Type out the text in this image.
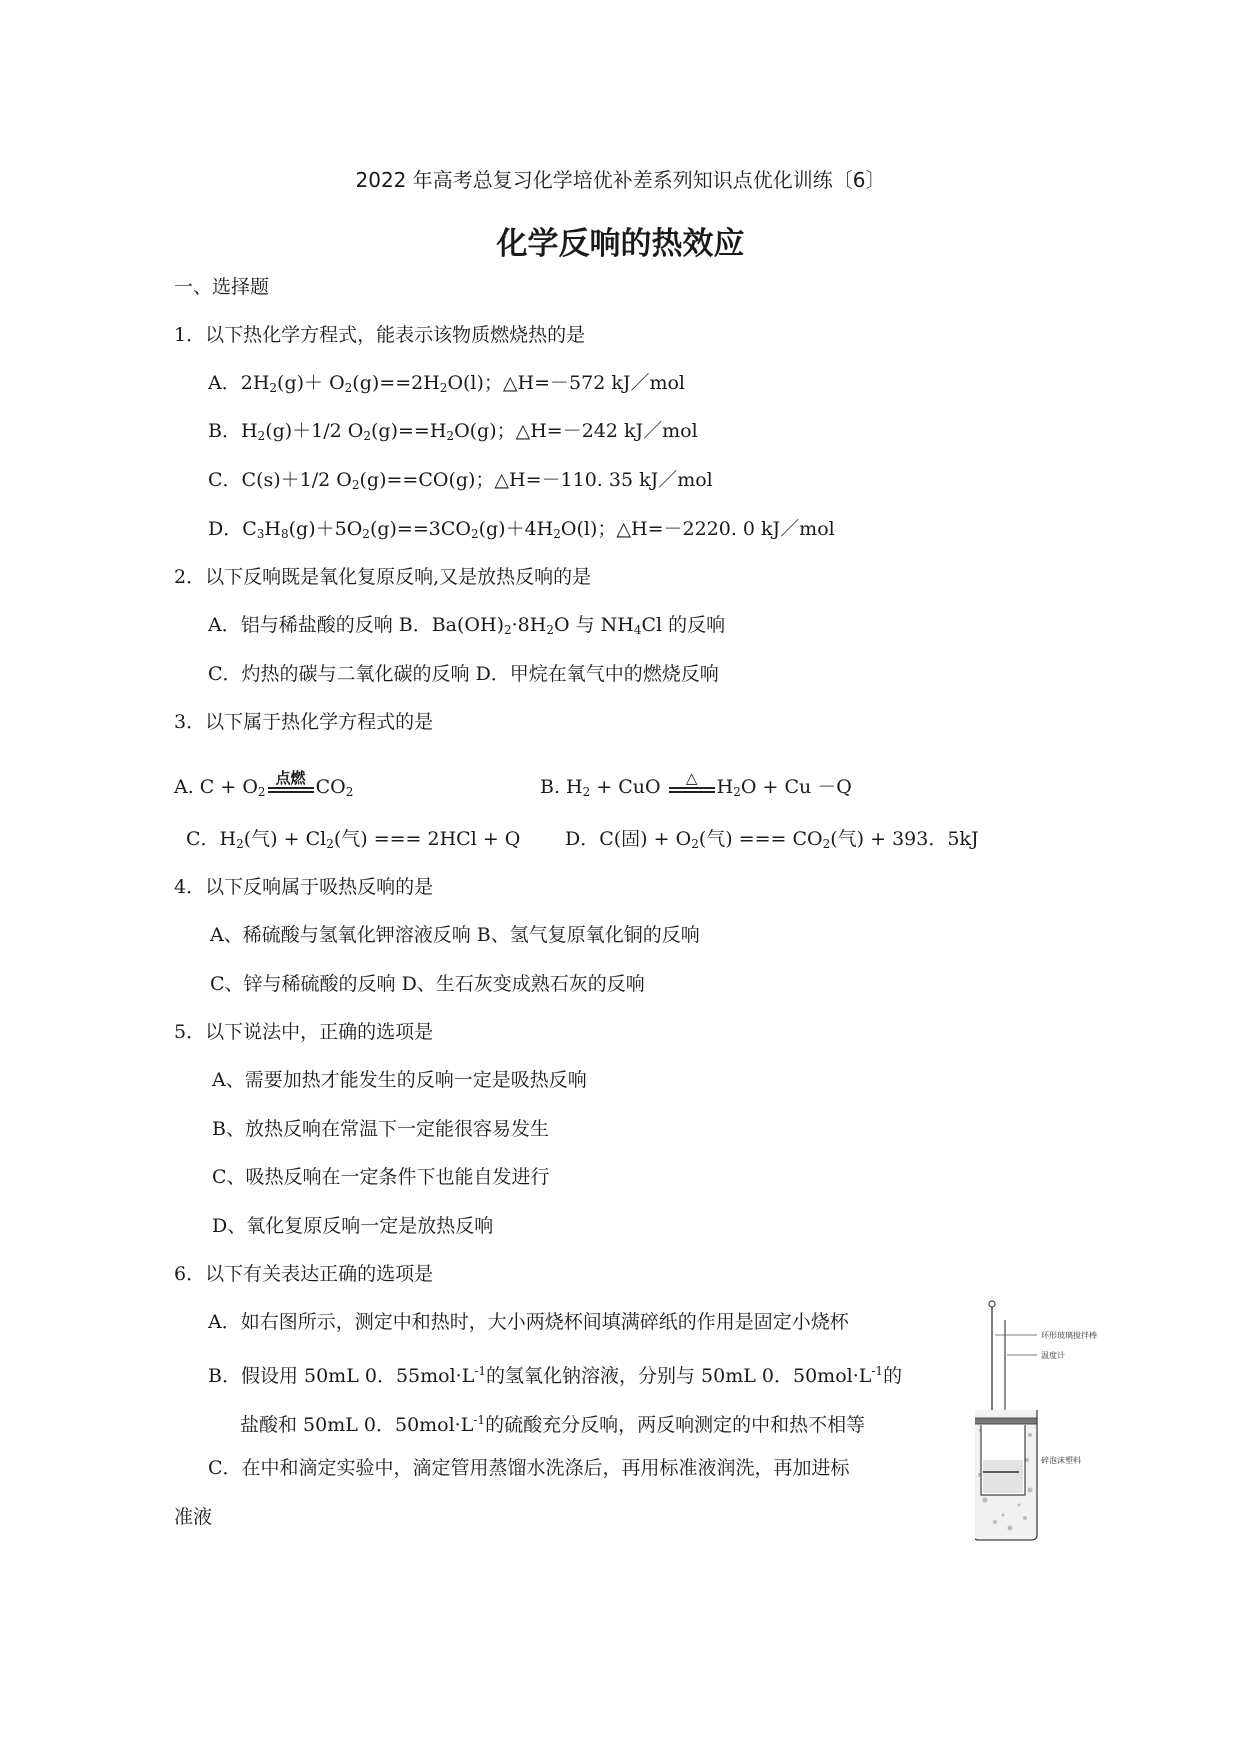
2022 年高考总复习化学培优补差系列知识点优化训练〔6〕
化学反响的热效应
一、选择题
1．以下热化学方程式，能表示该物质燃烧热的是
A．$2H_2(g)+ O_2(g)==2H_2O(l)$；△H=－572 kJ／mol
B．$H_2(g)+1/2$ $O_2(g)==H_2O(g)$；△H=－242 kJ／mol
C．C(s)＋1/2 $O_2(g)==CO(g)$；△H=－110. 35 kJ／mol
D．$C_3H_8(g)+5O_2(g)==3CO_2(g)+4H_2O(l)$；△H=－2220. 0 kJ／mol
2．以下反响既是氧化复原反响,又是放热反响的是
A．铝与稀盐酸的反响 B．$Ba(OH)_2\cdot 8H_2O$ 与 $NH_4Cl$ 的反响
C．灼热的碳与二氧化碳的反响 D．甲烷在氧气中的燃烧反响
3．以下属于热化学方程式的是
A. $C + O_2$
点燃 $CO_2$	B. $H_2$ + CuO	△	$H_2O + Cu -Q$
C．$H_2$(气) + $Cl_2$(气) === 2HCl + Q D．C(固) + $O_2$(气) === $CO_2$(气) + 393．5kJ
4．以下反响属于吸热反响的是
A、稀硫酸与氢氧化钾溶液反响 B、氢气复原氧化铜的反响
C、锌与稀硫酸的反响 D、生石灰变成熟石灰的反响
5．以下说法中，正确的选项是
A、需要加热才能发生的反响一定是吸热反响
B、放热反响在常温下一定能很容易发生
C、吸热反响在一定条件下也能自发进行
D、氧化复原反响一定是放热反响
6．以下有关表达正确的选项是
A．如右图所示，测定中和热时，大小两烧杯间填满碎纸的作用是固定小烧杯
B．假设用 50mL 0．$55mol\cdot L^{-1}$的氢氧化钠溶液，分别与 50mL 0．$50mol\cdot L^{-1}$的
盐酸和 50mL 0．$50mol\cdot L^{-1}$的硫酸充分反响，两反响测定的中和热不相等
C．在中和滴定实验中，滴定管用蒸馏水洗涤后，再用标准液润洗，再加进标
准液
环形玻璃搅拌棒
温度计
碎泡沫塑料
